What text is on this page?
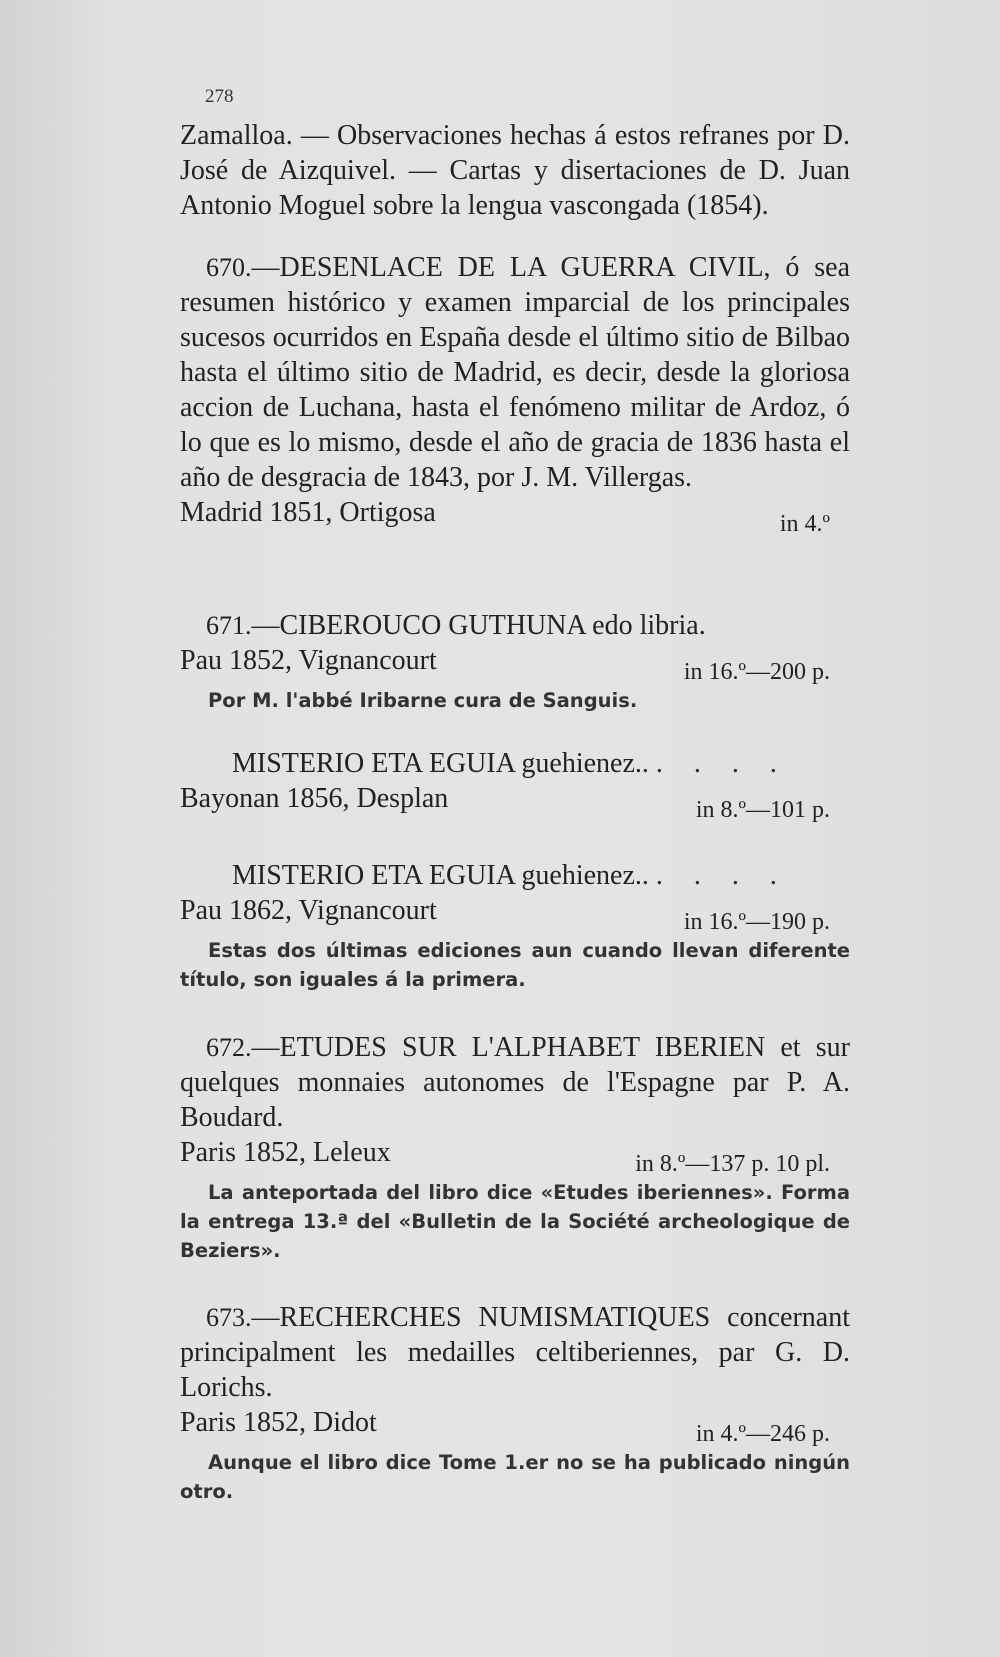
278

Zamalloa. — Observaciones hechas á estos refranes por D. José de Aizquivel. — Cartas y disertaciones de D. Juan Antonio Moguel sobre la lengua vascongada (1854).

670.—DESENLACE DE LA GUERRA CIVIL, ó sea resumen histórico y examen imparcial de los principales sucesos ocurridos en España desde el último sitio de Bilbao hasta el último sitio de Madrid, es decir, desde la gloriosa accion de Luchana, hasta el fenómeno militar de Ardoz, ó lo que es lo mismo, desde el año de gracia de 1836 hasta el año de desgracia de 1843, por J. M. Villergas.

Madrid 1851, Ortigosa	in 4.º

671.—CIBEROUCO GUTHUNA edo libria.

Pau 1852, Vignancourt	in 16.º—200 p.

Por M. l'abbé Iribarne cura de Sanguis.

MISTERIO ETA EGUIA guehienez.. . . . .

Bayonan 1856, Desplan	in 8.º—101 p.

MISTERIO ETA EGUIA guehienez.. . . . .

Pau 1862, Vignancourt	in 16.º—190 p.

Estas dos últimas ediciones aun cuando llevan diferente título, son iguales á la primera.

672.—ETUDES SUR L'ALPHABET IBERIEN et sur quelques monnaies autonomes de l'Espagne par P. A. Boudard.

Paris 1852, Leleux	in 8.º—137 p. 10 pl.

La anteportada del libro dice «Etudes iberiennes». Forma la entrega 13.ª del «Bulletin de la Société archeologique de Beziers».

673.—RECHERCHES NUMISMATIQUES concernant principalment les medailles celtiberiennes, par G. D. Lorichs.

Paris 1852, Didot	in 4.º—246 p.

Aunque el libro dice Tome 1.er no se ha publicado ningún otro.
